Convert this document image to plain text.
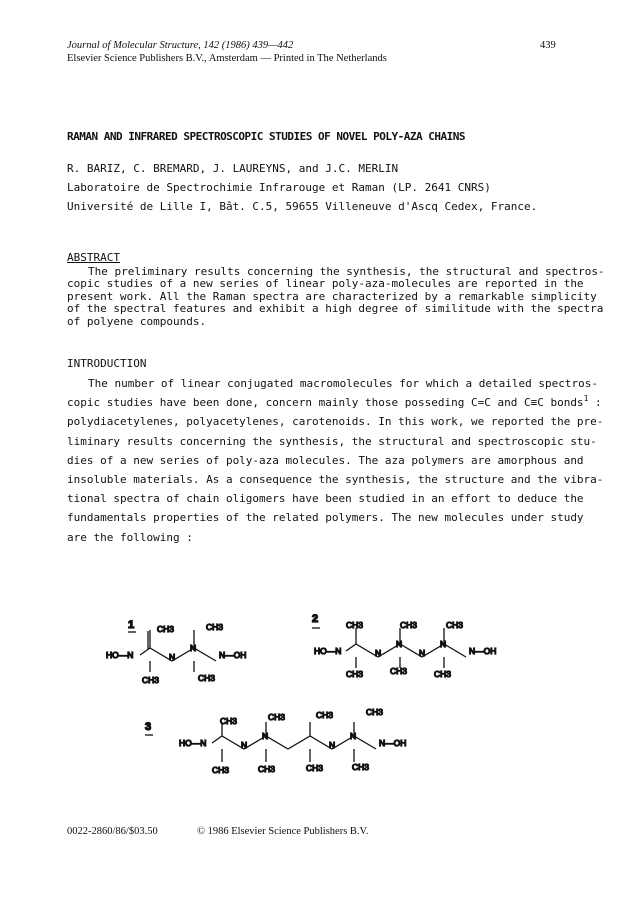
Journal of Molecular Structure, 142 (1986) 439—442	439
Elsevier Science Publishers B.V., Amsterdam — Printed in The Netherlands
RAMAN AND INFRARED SPECTROSCOPIC STUDIES OF NOVEL POLY-AZA CHAINS
R. BARIZ, C. BREMARD, J. LAUREYNS, and J.C. MERLIN
Laboratoire de Spectrochimie Infrarouge et Raman (LP. 2641 CNRS)
Université de Lille I, Bât. C.5, 59655 Villeneuve d'Ascq Cedex, France.
ABSTRACT
The preliminary results concerning the synthesis, the structural and spectros-
copic studies of a new series of linear poly-aza-molecules are reported in the
present work. All the Raman spectra are characterized by a remarkable simplicity
of the spectral features and exhibit a high degree of similitude with the spectra
of polyene compounds.
INTRODUCTION
The number of linear conjugated macromolecules for which a detailed spectros-
copic studies have been done, concern mainly those posseding C=C and C≡C bonds$^1$ :
polydiacetylenes, polyacetylenes, carotenoids. In this work, we reported the pre-
liminary results concerning the synthesis, the structural and spectroscopic stu-
dies of a new series of poly-aza molecules. The aza polymers are amorphous and
insoluble materials. As a consequence the synthesis, the structure and the vibra-
tional spectra of chain oligomers have been studied in an effort to deduce the
fundamentals properties of the related polymers. The new molecules under study
are the following :
1
HO—N
CH3	CH3
CH3	CH3
N
N
N—OH
2
HO—N
CH3	CH3	CH3
CH3	CH3	CH3
N
N
N
N
N—OH
3
HO—N
CH3	CH3	CH3	CH3
CH3	CH3	CH3	CH3
N
N
N
N
N—OH
0022-2860/86/$03.50	© 1986 Elsevier Science Publishers B.V.
